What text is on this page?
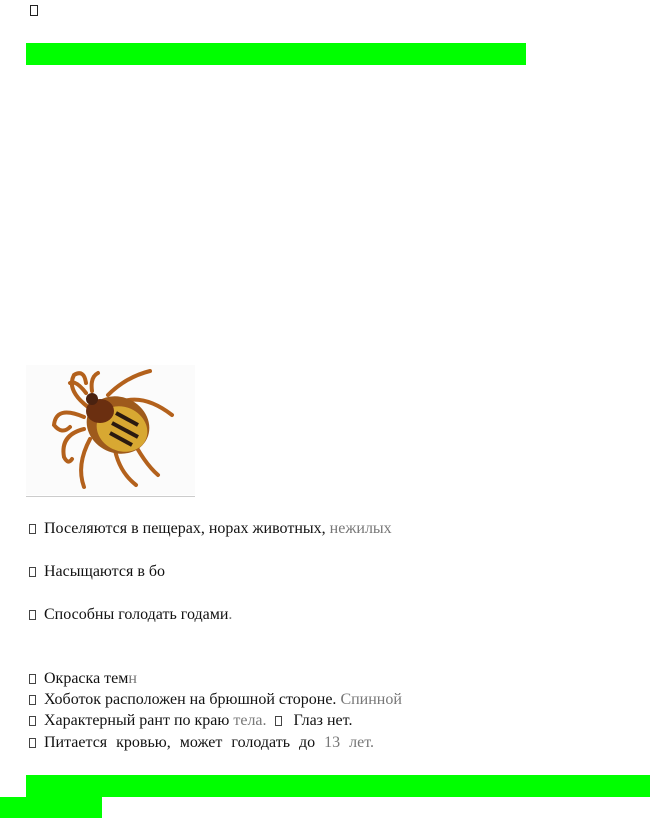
Поселяются в пещерах, норах животных, нежилых
Насыщаются в бо
Способны голодать годами.
Окраска темн
Хоботок расположен на брюшной стороне. Спинной
Характерный рант по краю тела.  Глаз нет.
Питается кровью, может голодать до 13 лет.
